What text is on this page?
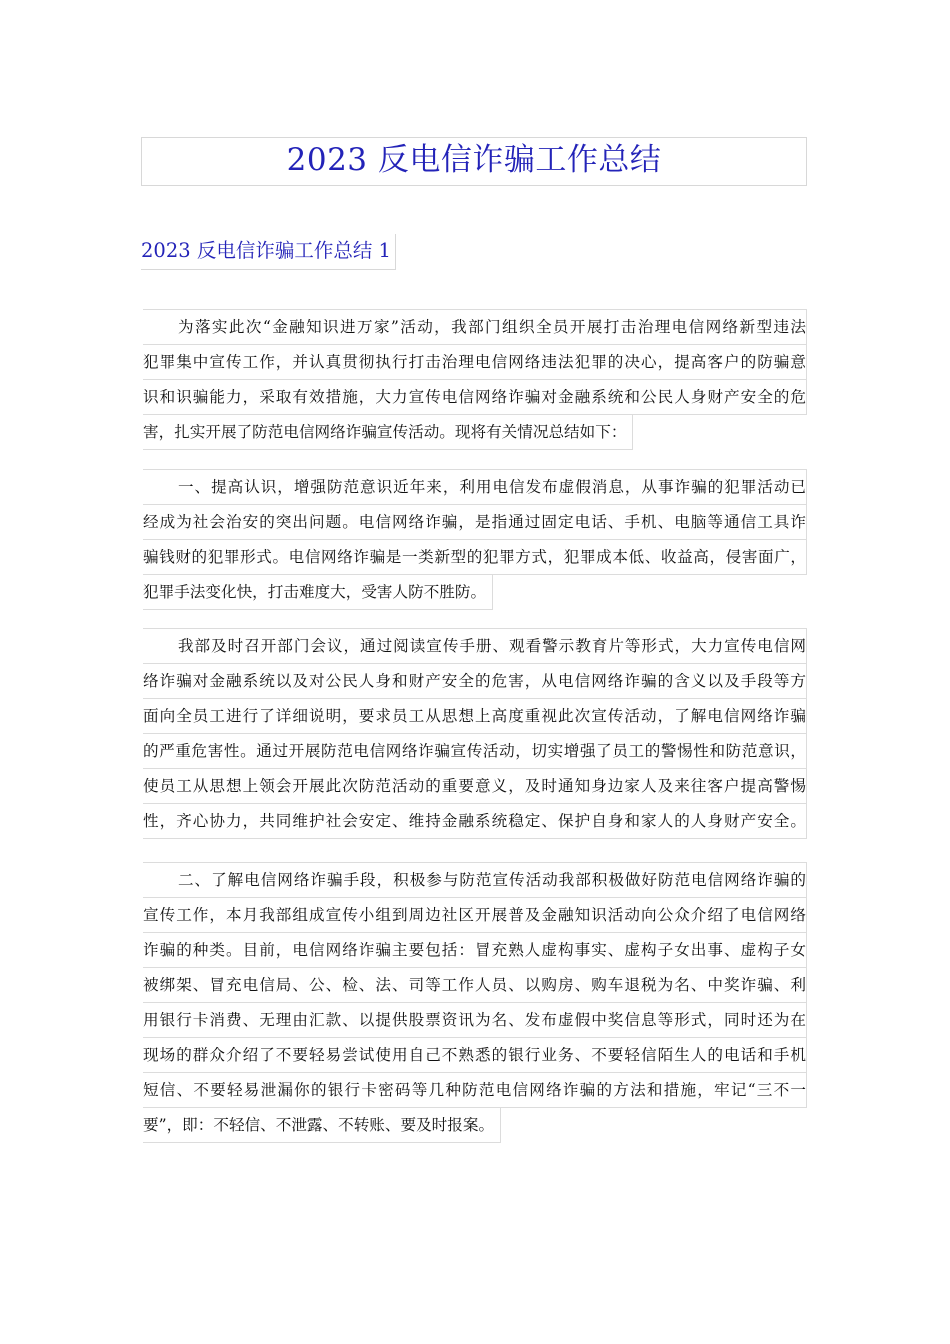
2023 反电信诈骗工作总结
2023 反电信诈骗工作总结 1
为落实此次“金融知识进万家”活动，我部门组织全员开展打击治理电信网络新型违法
犯罪集中宣传工作，并认真贯彻执行打击治理电信网络违法犯罪的决心，提高客户的防骗意
识和识骗能力，采取有效措施，大力宣传电信网络诈骗对金融系统和公民人身财产安全的危
害，扎实开展了防范电信网络诈骗宣传活动。现将有关情况总结如下：
一、提高认识，增强防范意识近年来，利用电信发布虚假消息，从事诈骗的犯罪活动已
经成为社会治安的突出问题。电信网络诈骗，是指通过固定电话、手机、电脑等通信工具诈
骗钱财的犯罪形式。电信网络诈骗是一类新型的犯罪方式，犯罪成本低、收益高，侵害面广，
犯罪手法变化快，打击难度大，受害人防不胜防。
我部及时召开部门会议，通过阅读宣传手册、观看警示教育片等形式，大力宣传电信网
络诈骗对金融系统以及对公民人身和财产安全的危害，从电信网络诈骗的含义以及手段等方
面向全员工进行了详细说明，要求员工从思想上高度重视此次宣传活动，了解电信网络诈骗
的严重危害性。通过开展防范电信网络诈骗宣传活动，切实增强了员工的警惕性和防范意识，
使员工从思想上领会开展此次防范活动的重要意义，及时通知身边家人及来往客户提高警惕
性，齐心协力，共同维护社会安定、维持金融系统稳定、保护自身和家人的人身财产安全。
二、了解电信网络诈骗手段，积极参与防范宣传活动我部积极做好防范电信网络诈骗的
宣传工作，本月我部组成宣传小组到周边社区开展普及金融知识活动向公众介绍了电信网络
诈骗的种类。目前，电信网络诈骗主要包括：冒充熟人虚构事实、虚构子女出事、虚构子女
被绑架、冒充电信局、公、检、法、司等工作人员、以购房、购车退税为名、中奖诈骗、利
用银行卡消费、无理由汇款、以提供股票资讯为名、发布虚假中奖信息等形式，同时还为在
现场的群众介绍了不要轻易尝试使用自己不熟悉的银行业务、不要轻信陌生人的电话和手机
短信、不要轻易泄漏你的银行卡密码等几种防范电信网络诈骗的方法和措施，牢记“三不一
要”，即：不轻信、不泄露、不转账、要及时报案。
